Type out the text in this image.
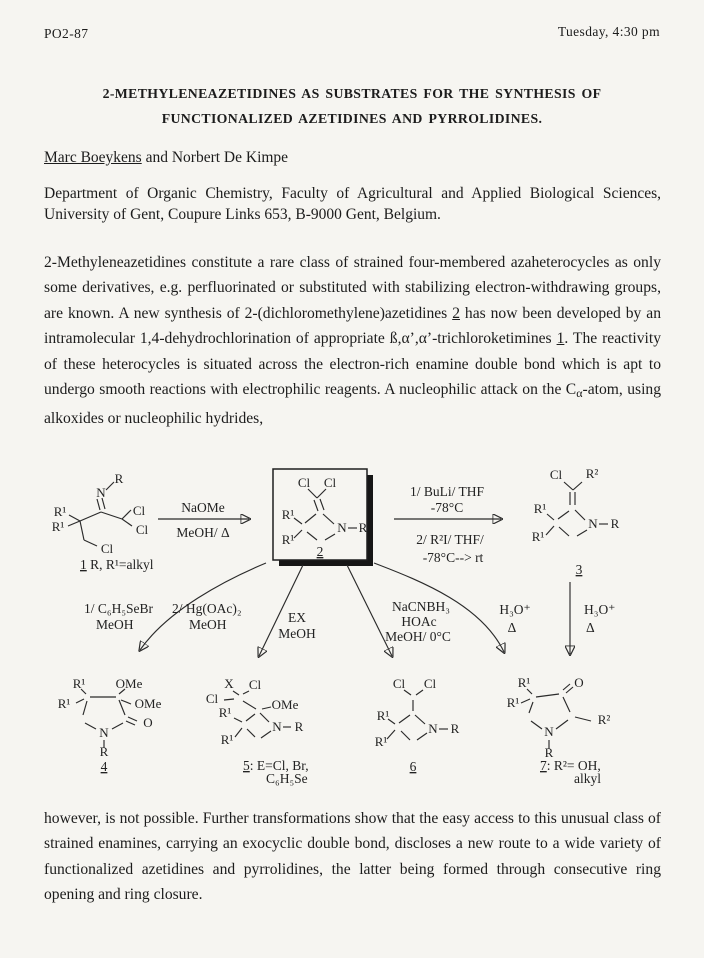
PO2-87	Tuesday, 4:30 pm
2-METHYLENEAZETIDINES AS SUBSTRATES FOR THE SYNTHESIS OF
FUNCTIONALIZED AZETIDINES AND PYRROLIDINES.
Marc Boeykens and Norbert De Kimpe
Department of Organic Chemistry, Faculty of Agricultural and Applied Biological Sciences, University of Gent, Coupure Links 653, B-9000 Gent, Belgium.
2-Methyleneazetidines constitute a rare class of strained four-membered azaheterocycles as only some derivatives, e.g. perfluorinated or substituted with stabilizing electron-withdrawing groups, are known. A new synthesis of 2-(dichloromethylene)azetidines 2 has now been developed by an intramolecular 1,4-dehydrochlorination of appropriate ß,α’,α’-trichloroketimines 1. The reactivity of these heterocycles is situated across the electron-rich enamine double bond which is apt to undergo smooth reactions with electrophilic reagents. A nucleophilic attack on the $C_\alpha$-atom, using alkoxides or nucleophilic hydrides,
R
N
R¹
R¹
Cl
Cl
Cl
1 R, R¹=alkyl
NaOMe
MeOH/ Δ
Cl Cl
R¹
R¹
N R
2
1/ BuLi/ THF
-78°C
2/ R²I/ THF/
-78°C--> rt
Cl R²
R¹
R¹
N R
3
1/ C₆H₅SeBr
MeOH
2/ Hg(OAc)₂
MeOH	EX
MeOH
NaCNBH₃
HOAc
MeOH/ 0°C
H₃O⁺
Δ
H₃O⁺
Δ
R¹
R¹
OMe
OMe
O
N
R
4
X Cl
Cl	OMe
R¹
R¹
N R
5: E=Cl, Br,
C₆H₅Se
Cl Cl
R¹
R¹
N R
6
R¹
R¹
O
R²
N
R
7: R²= OH,
alkyl
however, is not possible. Further transformations show that the easy access to this unusual class of strained enamines, carrying an exocyclic double bond, discloses a new route to a wide variety of functionalized azetidines and pyrrolidines, the latter being formed through consecutive ring opening and ring closure.
